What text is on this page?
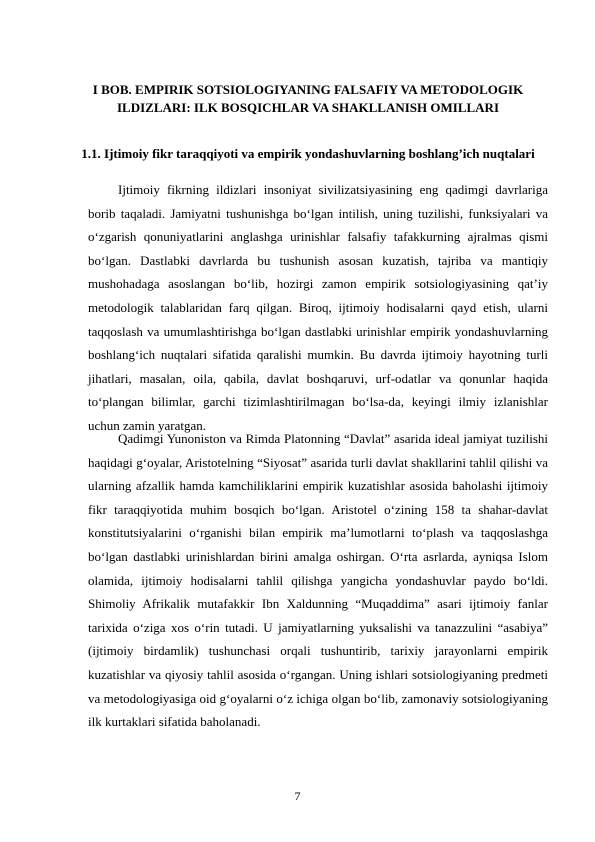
I BOB. EMPIRIK SOTSIOLOGIYANING FALSAFIY VA METODOLOGIK ILDIZLARI: ILK BOSQICHLAR VA SHAKLLANISH OMILLARI
1.1. Ijtimoiy fikr taraqqiyoti va empirik yondashuvlarning boshlang’ich nuqtalari

Ijtimoiy fikrning ildizlari insoniyat sivilizatsiyasining eng qadimgi davrlariga borib taqaladi. Jamiyatni tushunishga bo‘lgan intilish, uning tuzilishi, funksiyalari va o‘zgarish qonuniyatlarini anglashga urinishlar falsafiy tafakkurning ajralmas qismi bo‘lgan. Dastlabki davrlarda bu tushunish asosan kuzatish, tajriba va mantiqiy mushohadaga asoslangan bo‘lib, hozirgi zamon empirik sotsiologiyasining qat’iy metodologik talablaridan farq qilgan. Biroq, ijtimoiy hodisalarni qayd etish, ularni taqqoslash va umumlashtirishga bo‘lgan dastlabki urinishlar empirik yondashuvlarning boshlang‘ich nuqtalari sifatida qaralishi mumkin. Bu davrda ijtimoiy hayotning turli jihatlari, masalan, oila, qabila, davlat boshqaruvi, urf-odatlar va qonunlar haqida to‘plangan bilimlar, garchi tizimlashtirilmagan bo‘lsa-da, keyingi ilmiy izlanishlar uchun zamin yaratgan.

Qadimgi Yunoniston va Rimda Platonning “Davlat” asarida ideal jamiyat tuzilishi haqidagi g‘oyalar, Aristotelning “Siyosat” asarida turli davlat shakllarini tahlil qilishi va ularning afzallik hamda kamchiliklarini empirik kuzatishlar asosida baholashi ijtimoiy fikr taraqqiyotida muhim bosqich bo‘lgan. Aristotel o‘zining 158 ta shahar-davlat konstitutsiyalarini o‘rganishi bilan empirik ma’lumotlarni to‘plash va taqqoslashga bo‘lgan dastlabki urinishlardan birini amalga oshirgan. O‘rta asrlarda, ayniqsa Islom olamida, ijtimoiy hodisalarni tahlil qilishga yangicha yondashuvlar paydo bo‘ldi. Shimoliy Afrikalik mutafakkir Ibn Xaldunning “Muqaddima” asari ijtimoiy fanlar tarixida o‘ziga xos o‘rin tutadi. U jamiyatlarning yuksalishi va tanazzulini “asabiya” (ijtimoiy birdamlik) tushunchasi orqali tushuntirib, tarixiy jarayonlarni empirik kuzatishlar va qiyosiy tahlil asosida o‘rgangan. Uning ishlari sotsiologiyaning predmeti va metodologiyasiga oid g‘oyalarni o‘z ichiga olgan bo‘lib, zamonaviy sotsiologiyaning ilk kurtaklari sifatida baholanadi.

7
